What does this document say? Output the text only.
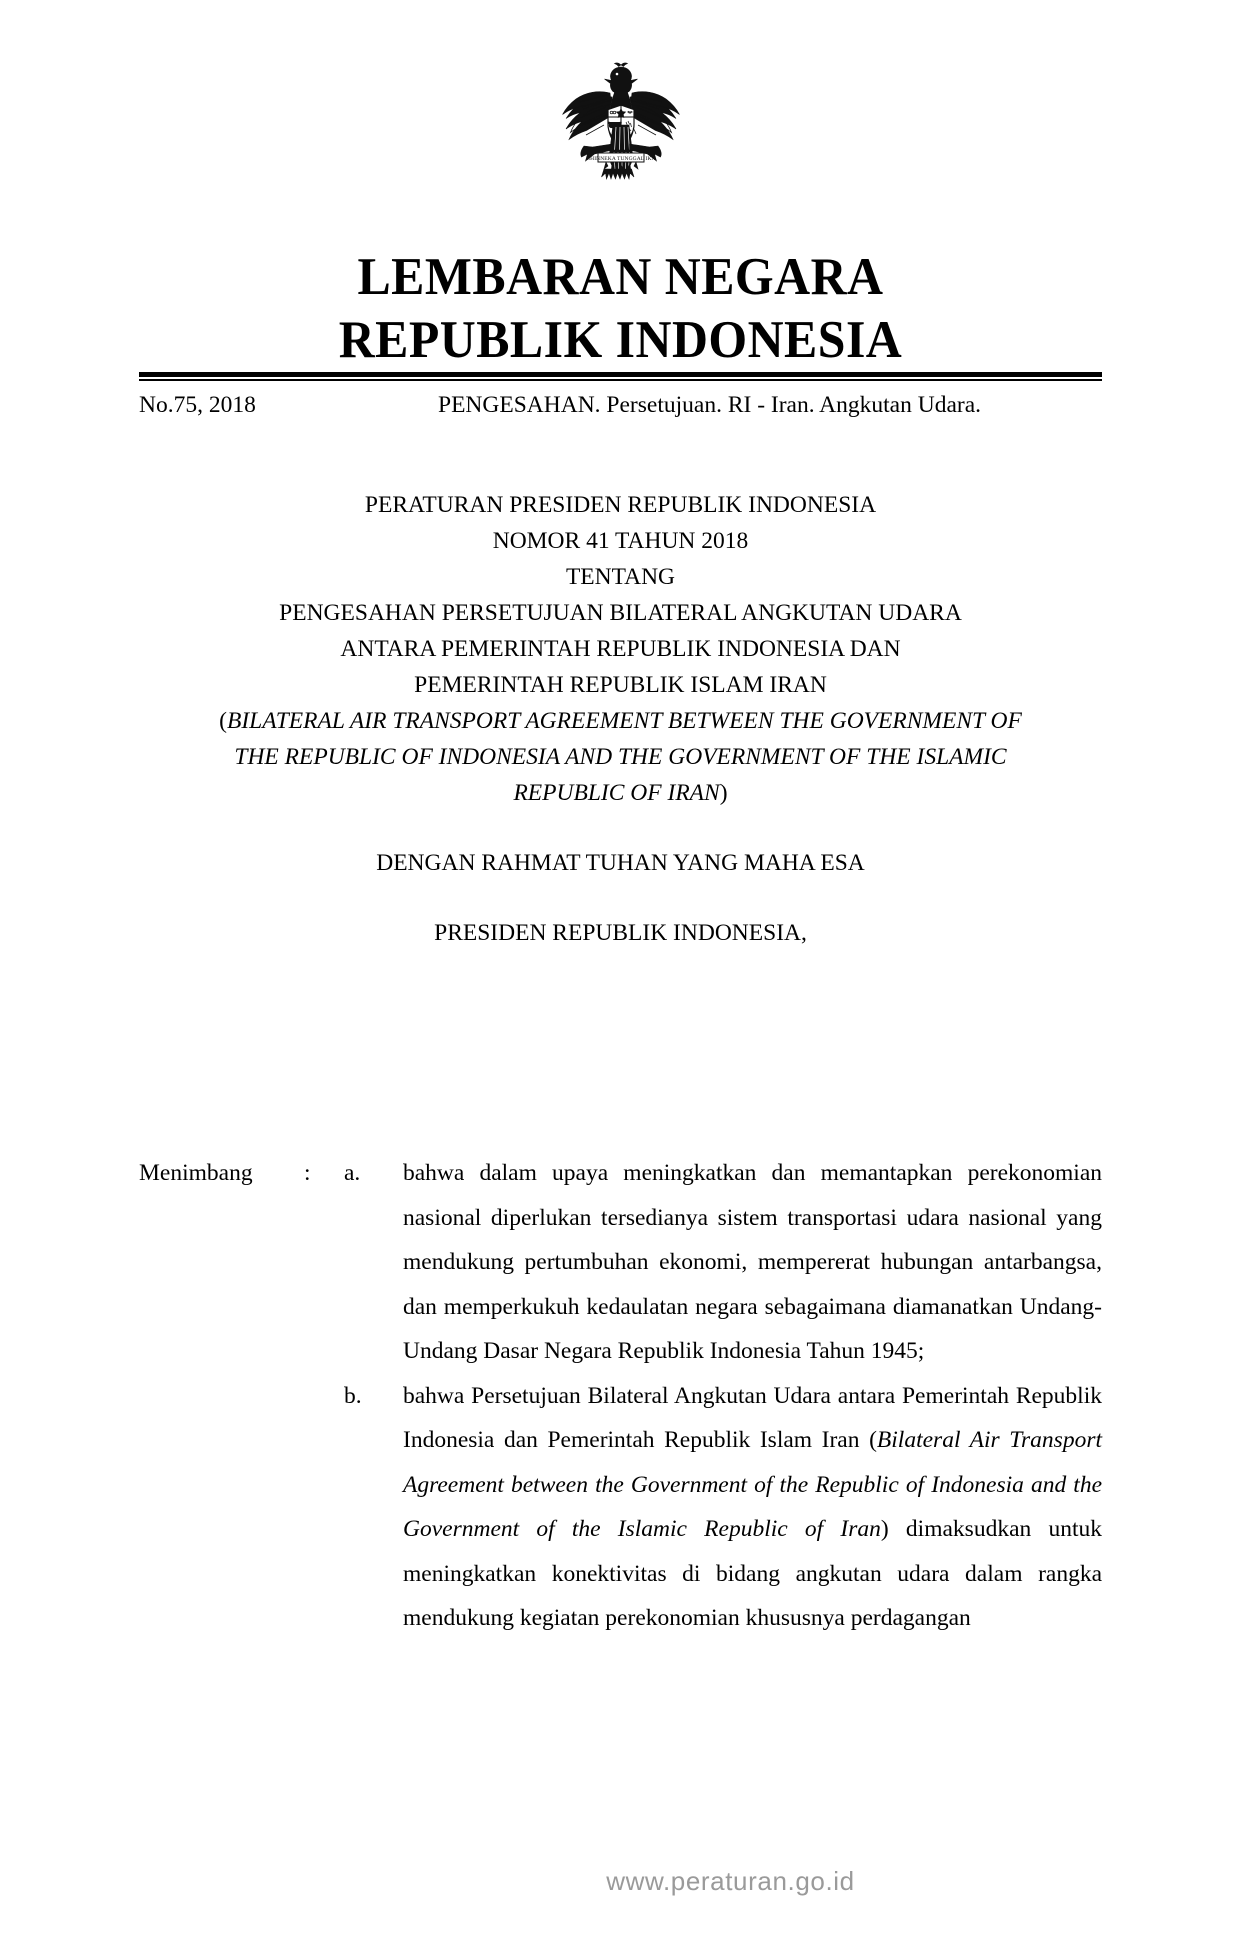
BHINNEKA TUNGGAL IKA
LEMBARAN NEGARA
REPUBLIK INDONESIA
No.75, 2018	PENGESAHAN. Persetujuan. RI - Iran. Angkutan Udara.
PERATURAN PRESIDEN REPUBLIK INDONESIA
NOMOR 41 TAHUN 2018
TENTANG
PENGESAHAN PERSETUJUAN BILATERAL ANGKUTAN UDARA
ANTARA PEMERINTAH REPUBLIK INDONESIA DAN
PEMERINTAH REPUBLIK ISLAM IRAN
(BILATERAL AIR TRANSPORT AGREEMENT BETWEEN THE GOVERNMENT OF
THE REPUBLIC OF INDONESIA AND THE GOVERNMENT OF THE ISLAMIC
REPUBLIC OF IRAN)
DENGAN RAHMAT TUHAN YANG MAHA ESA
PRESIDEN REPUBLIK INDONESIA,
Menimbang	: a. bahwa dalam upaya meningkatkan dan memantapkan perekonomian nasional diperlukan tersedianya sistem transportasi udara nasional yang mendukung pertumbuhan ekonomi, mempererat hubungan antarbangsa, dan memperkukuh kedaulatan negara sebagaimana diamanatkan Undang-Undang Dasar Negara Republik Indonesia Tahun 1945;
b. bahwa Persetujuan Bilateral Angkutan Udara antara Pemerintah Republik Indonesia dan Pemerintah Republik Islam Iran (Bilateral Air Transport Agreement between the Government of the Republic of Indonesia and the Government of the Islamic Republic of Iran) dimaksudkan untuk meningkatkan konektivitas di bidang angkutan udara dalam rangka mendukung kegiatan perekonomian khususnya perdagangan
www.peraturan.go.id
